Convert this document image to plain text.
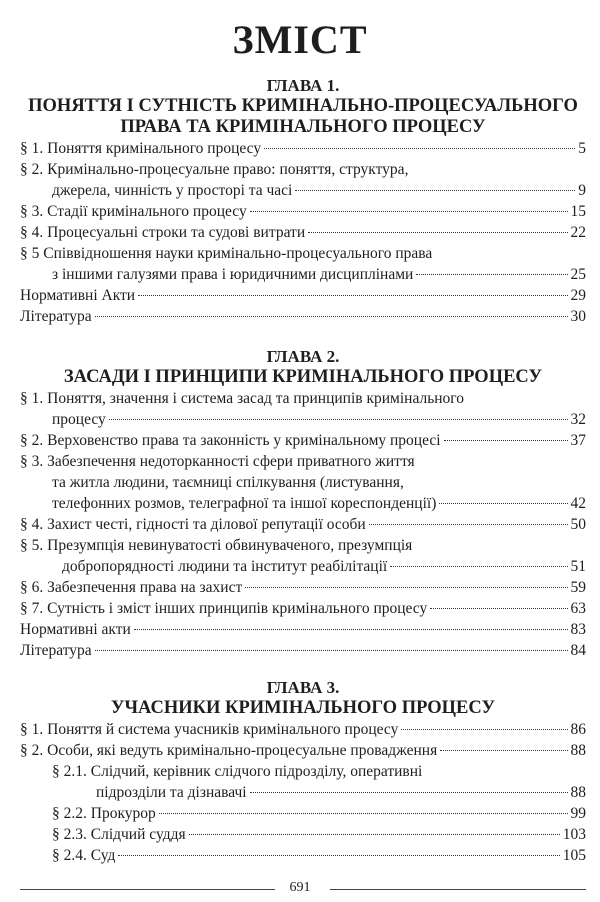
ЗМІСТ
ГЛАВА 1.
ПОНЯТТЯ І СУТНІСТЬ КРИМІНАЛЬНО-ПРОЦЕСУАЛЬНОГО
ПРАВА ТА КРИМІНАЛЬНОГО ПРОЦЕСУ
§ 1. Поняття кримінального процесу	5
§ 2. Кримінально-процесуальне право: поняття, структура,
джерела, чинність у просторі та часі	9
§ 3. Стадії кримінального процесу	15
§ 4. Процесуальні строки та судові витрати	22
§ 5 Співвідношення науки кримінально-процесуального права
з іншими галузями права і юридичними дисциплінами	25
Нормативні Акти	29
Література	30
ГЛАВА 2.
ЗАСАДИ І ПРИНЦИПИ КРИМІНАЛЬНОГО ПРОЦЕСУ
§ 1. Поняття, значення і система засад та принципів кримінального
процесу	32
§ 2. Верховенство права та законність у кримінальному процесі	37
§ 3. Забезпечення недоторканності сфери приватного життя
та житла людини, таємниці спілкування (листування,
телефонних розмов, телеграфної та іншої кореспонденції)	42
§ 4. Захист честі, гідності та ділової репутації особи	50
§ 5. Презумпція невинуватості обвинуваченого, презумпція
добропорядності людини та інститут реабілітації	51
§ 6. Забезпечення права на захист	59
§ 7. Сутність і зміст інших принципів кримінального процесу	63
Нормативні акти	83
Література	84
ГЛАВА 3.
УЧАСНИКИ КРИМІНАЛЬНОГО ПРОЦЕСУ
§ 1. Поняття й система учасників кримінального процесу	86
§ 2. Особи, які ведуть кримінально-процесуальне провадження	88
§ 2.1. Слідчий, керівник слідчого підрозділу, оперативні
підрозділи та дізнавачі	88
§ 2.2. Прокурор	99
§ 2.3. Слідчий суддя	103
§ 2.4. Суд	105
691
